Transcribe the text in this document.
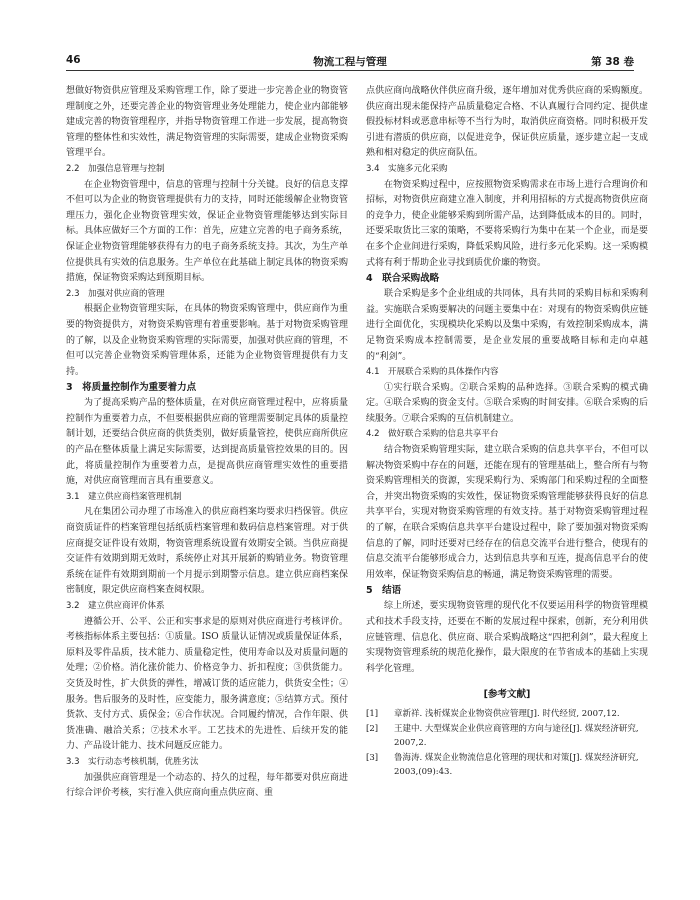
46	物流工程与管理	第 38 卷

想做好物资供应管理及采购管理工作，除了要进一步完善企业的物资管理制度之外，还要完善企业的物资管理业务处理能力，使企业内部能够建成完善的物资管理程序，并指导物资管理工作进一步发展，提高物资管理的整体性和实效性，满足物资管理的实际需要，建成企业物资采购管理平台。

2.2　加强信息管理与控制

在企业物资管理中，信息的管理与控制十分关键。良好的信息支撑不但可以为企业的物资管理提供有力的支持，同时还能缓解企业物资管理压力，强化企业物资管理实效，保证企业物资管理能够达到实际目标。具体应做好三个方面的工作：首先，应建立完善的电子商务系统，保证企业物资管理能够获得有力的电子商务系统支持。其次，为生产单位提供具有实效的信息服务。生产单位在此基础上制定具体的物资采购措施，保证物资采购达到预期目标。

2.3　加强对供应商的管理

根据企业物资管理实际，在具体的物资采购管理中，供应商作为重要的物资提供方，对物资采购管理有着重要影响。基于对物资采购管理的了解，以及企业物资采购管理的实际需要，加强对供应商的管理，不但可以完善企业物资采购管理体系，还能为企业物资管理提供有力支持。

3　将质量控制作为重要着力点

为了提高采购产品的整体质量，在对供应商管理过程中，应将质量控制作为重要着力点，不但要根据供应商的管理需要制定具体的质量控制计划，还要结合供应商的供货类别，做好质量管控，使供应商所供应的产品在整体质量上满足实际需要，达到提高质量管控效果的目的。因此，将质量控制作为重要着力点，是提高供应商管理实效性的重要措施，对供应商管理而言具有重要意义。

3.1　建立供应商档案管理机制

凡在集团公司办理了市场准入的供应商档案均要求归档保管。供应商资质证件的档案管理包括纸质档案管理和数码信息档案管理。对于供应商提交证件设有效期，物资管理系统设置有效期安全锁。当供应商提交证件有效期到期无效时，系统停止对其开展新的购销业务。物资管理系统在证件有效期到期前一个月提示到期警示信息。建立供应商档案保密制度，限定供应商档案查阅权限。

3.2　建立供应商评价体系

遵循公开、公平、公正和实事求是的原则对供应商进行考核评价。考核指标体系主要包括：①质量。ISO 质量认证情况或质量保证体系，原料及零件品质，技术能力、质量稳定性，使用寿命以及对质量问题的处理；②价格。消化涨价能力、价格竞争力、折扣程度；③供货能力。交货及时性，扩大供货的弹性，增减订货的适应能力，供货安全性；④服务。售后服务的及时性，应变能力，服务满意度；⑤结算方式。预付货款、支付方式、质保金；⑥合作状况。合同履约情况，合作年限、供货准确、融洽关系；⑦技术水平。工艺技术的先进性、后续开发的能力、产品设计能力、技术问题反应能力。

3.3　实行动态考核机制，优胜劣汰

加强供应商管理是一个动态的、持久的过程，每年都要对供应商进行综合评价考核，实行准入供应商向重点供应商、重

点供应商向战略伙伴供应商升级，逐年增加对优秀供应商的采购额度。供应商出现未能保持产品质量稳定合格、不认真履行合同约定、提供虚假投标材料或恶意串标等不当行为时，取消供应商资格。同时积极开发引进有潜质的供应商，以促进竞争，保证供应质量，逐步建立起一支成熟和相对稳定的供应商队伍。

3.4　实施多元化采购

在物资采购过程中，应按照物资采购需求在市场上进行合理询价和招标，对物资供应商建立准入制度，并利用招标的方式提高物资供应商的竞争力，使企业能够采购到所需产品，达到降低成本的目的。同时，还要采取货比三家的策略，不要将采购行为集中在某一个企业，而是要在多个企业间进行采购，降低采购风险，进行多元化采购。这一采购模式将有利于帮助企业寻找到质优价廉的物资。

4　联合采购战略

联合采购是多个企业组成的共同体，具有共同的采购目标和采购利益。实施联合采购要解决的问题主要集中在：对现有的物资采购供应链进行全面优化，实现模块化采购以及集中采购，有效控制采购成本，满足物资采购成本控制需要，是企业发展的重要战略目标和走向卓越的“利剑”。

4.1　开展联合采购的具体操作内容

①实行联合采购。②联合采购的品种选择。③联合采购的模式确定。④联合采购的资金支付。⑤联合采购的时间安排。⑥联合采购的后续服务。⑦联合采购的互信机制建立。

4.2　做好联合采购的信息共享平台

结合物资采购管理实际，建立联合采购的信息共享平台，不但可以解决物资采购中存在的问题，还能在现有的管理基础上，整合所有与物资采购管理相关的资源，实现采购行为、采购部门和采购过程的全面整合，并突出物资采购的实效性，保证物资采购管理能够获得良好的信息共享平台，实现对物资采购管理的有效支持。基于对物资采购管理过程的了解，在联合采购信息共享平台建设过程中，除了要加强对物资采购信息的了解，同时还要对已经存在的信息交流平台进行整合，使现有的信息交流平台能够形成合力，达到信息共享和互连，提高信息平台的使用效率，保证物资采购信息的畅通，满足物资采购管理的需要。

5　结语

综上所述，要实现物资管理的现代化不仅要运用科学的物资管理模式和技术手段支持，还要在不断的发展过程中探索，创新，充分利用供应链管理、信息化、供应商、联合采购战略这“四把利剑”，最大程度上实现物资管理系统的规范化操作，最大限度的在节省成本的基础上实现科学化管理。

[参考文献]

[1] 章新祥. 浅析煤炭企业物资供应管理[J]. 时代经贸, 2007,12.

[2] 王建中. 大型煤炭企业供应商管理的方向与途径[J]. 煤炭经济研究, 2007,2.

[3] 鲁海涛. 煤炭企业物流信息化管理的现状和对策[J]. 煤炭经济研究, 2003,(09):43.
